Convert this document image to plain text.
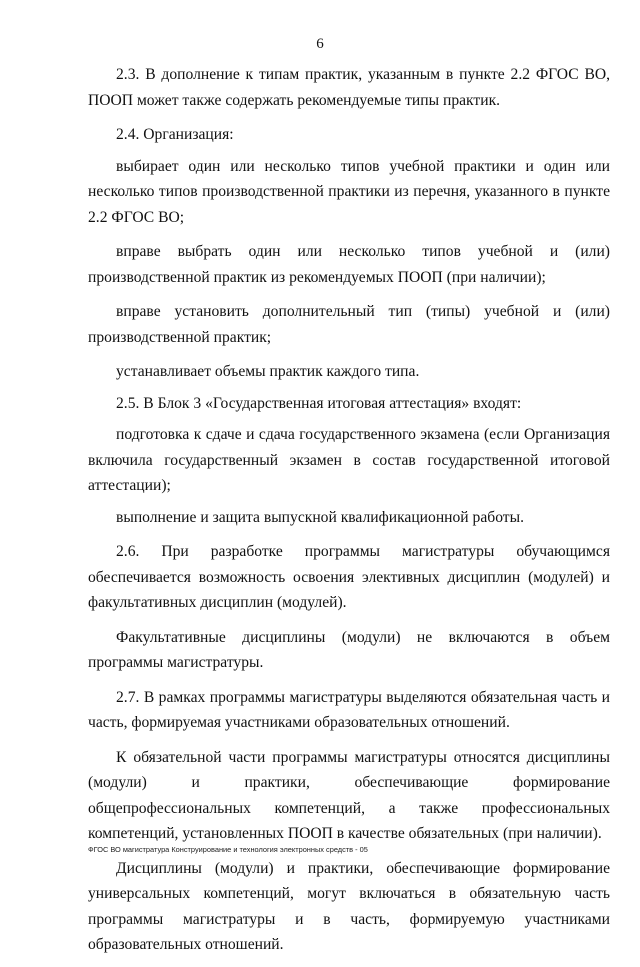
6

2.3. В дополнение к типам практик, указанным в пункте 2.2 ФГОС ВО, ПООП может также содержать рекомендуемые типы практик.

2.4. Организация:

выбирает один или несколько типов учебной практики и один или несколько типов производственной практики из перечня, указанного в пункте 2.2 ФГОС ВО;

вправе выбрать один или несколько типов учебной и (или) производственной практик из рекомендуемых ПООП (при наличии);

вправе установить дополнительный тип (типы) учебной и (или)

производственной практик;

устанавливает объемы практик каждого типа.

2.5. В Блок 3 «Государственная итоговая аттестация» входят:

подготовка к сдаче и сдача государственного экзамена (если Организация включила государственный экзамен в состав государственной итоговой аттестации);

выполнение и защита выпускной квалификационной работы.

2.6. При разработке программы магистратуры обучающимся обеспечивается возможность освоения элективных дисциплин (модулей) и факультативных дисциплин (модулей).

Факультативные дисциплины (модули) не включаются в объем программы магистратуры.

2.7. В рамках программы магистратуры выделяются обязательная часть и часть, формируемая участниками образовательных отношений.

К обязательной части программы магистратуры относятся дисциплины (модули) и практики, обеспечивающие формирование общепрофессиональных компетенций, а также профессиональных компетенций, установленных ПООП в качестве обязательных (при наличии).

Дисциплины (модули) и практики, обеспечивающие формирование универсальных компетенций, могут включаться в обязательную часть программы магистратуры и в часть, формируемую участниками образовательных отношений.

ФГОС ВО магистратура Конструирование и технология электронных средств - 05
